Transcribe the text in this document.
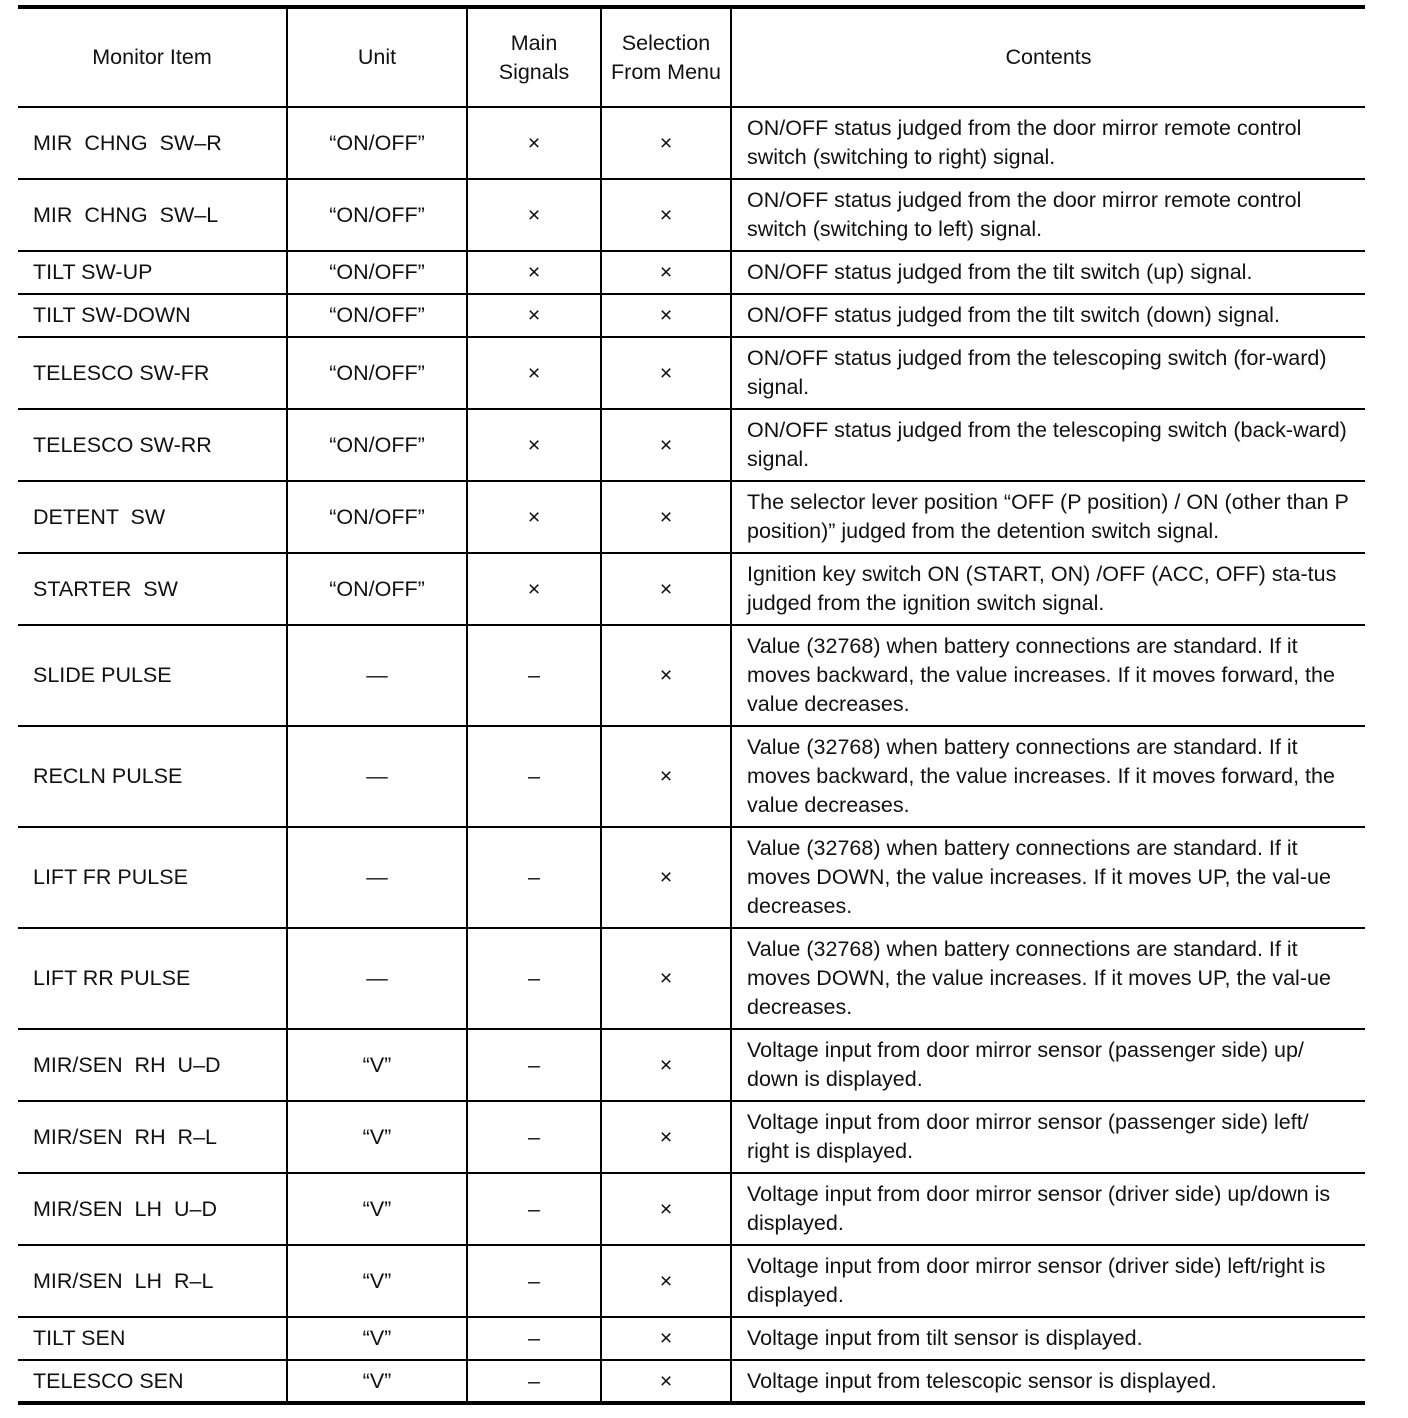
Monitor Item	Unit	Main Signals	Selection From Menu	Contents
MIR  CHNG  SW–R	“ON/OFF”	×	×	ON/OFF status judged from the door mirror remote control switch (switching to right) signal.
MIR  CHNG  SW–L	“ON/OFF”	×	×	ON/OFF status judged from the door mirror remote control switch (switching to left) signal.
TILT SW-UP	“ON/OFF”	×	×	ON/OFF status judged from the tilt switch (up) signal.
TILT SW-DOWN	“ON/OFF”	×	×	ON/OFF status judged from the tilt switch (down) signal.
TELESCO SW-FR	“ON/OFF”	×	×	ON/OFF status judged from the telescoping switch (for-ward) signal.
TELESCO SW-RR	“ON/OFF”	×	×	ON/OFF status judged from the telescoping switch (back-ward) signal.
DETENT  SW	“ON/OFF”	×	×	The selector lever position “OFF (P position) / ON (other than P position)” judged from the detention switch signal.
STARTER  SW	“ON/OFF”	×	×	Ignition key switch ON (START, ON) /OFF (ACC, OFF) sta-tus judged from the ignition switch signal.
SLIDE PULSE	—	–	×	Value (32768) when battery connections are standard. If it moves backward, the value increases. If it moves forward, the value decreases.
RECLN PULSE	—	–	×	Value (32768) when battery connections are standard. If it moves backward, the value increases. If it moves forward, the value decreases.
LIFT FR PULSE	—	–	×	Value (32768) when battery connections are standard. If it moves DOWN, the value increases. If it moves UP, the val-ue decreases.
LIFT RR PULSE	—	–	×	Value (32768) when battery connections are standard. If it moves DOWN, the value increases. If it moves UP, the val-ue decreases.
MIR/SEN  RH  U–D	“V”	–	×	Voltage input from door mirror sensor (passenger side) up/ down is displayed.
MIR/SEN  RH  R–L	“V”	–	×	Voltage input from door mirror sensor (passenger side) left/ right is displayed.
MIR/SEN  LH  U–D	“V”	–	×	Voltage input from door mirror sensor (driver side) up/down is displayed.
MIR/SEN  LH  R–L	“V”	–	×	Voltage input from door mirror sensor (driver side) left/right is displayed.
TILT SEN	“V”	–	×	Voltage input from tilt sensor is displayed.
TELESCO SEN	“V”	–	×	Voltage input from telescopic sensor is displayed.
